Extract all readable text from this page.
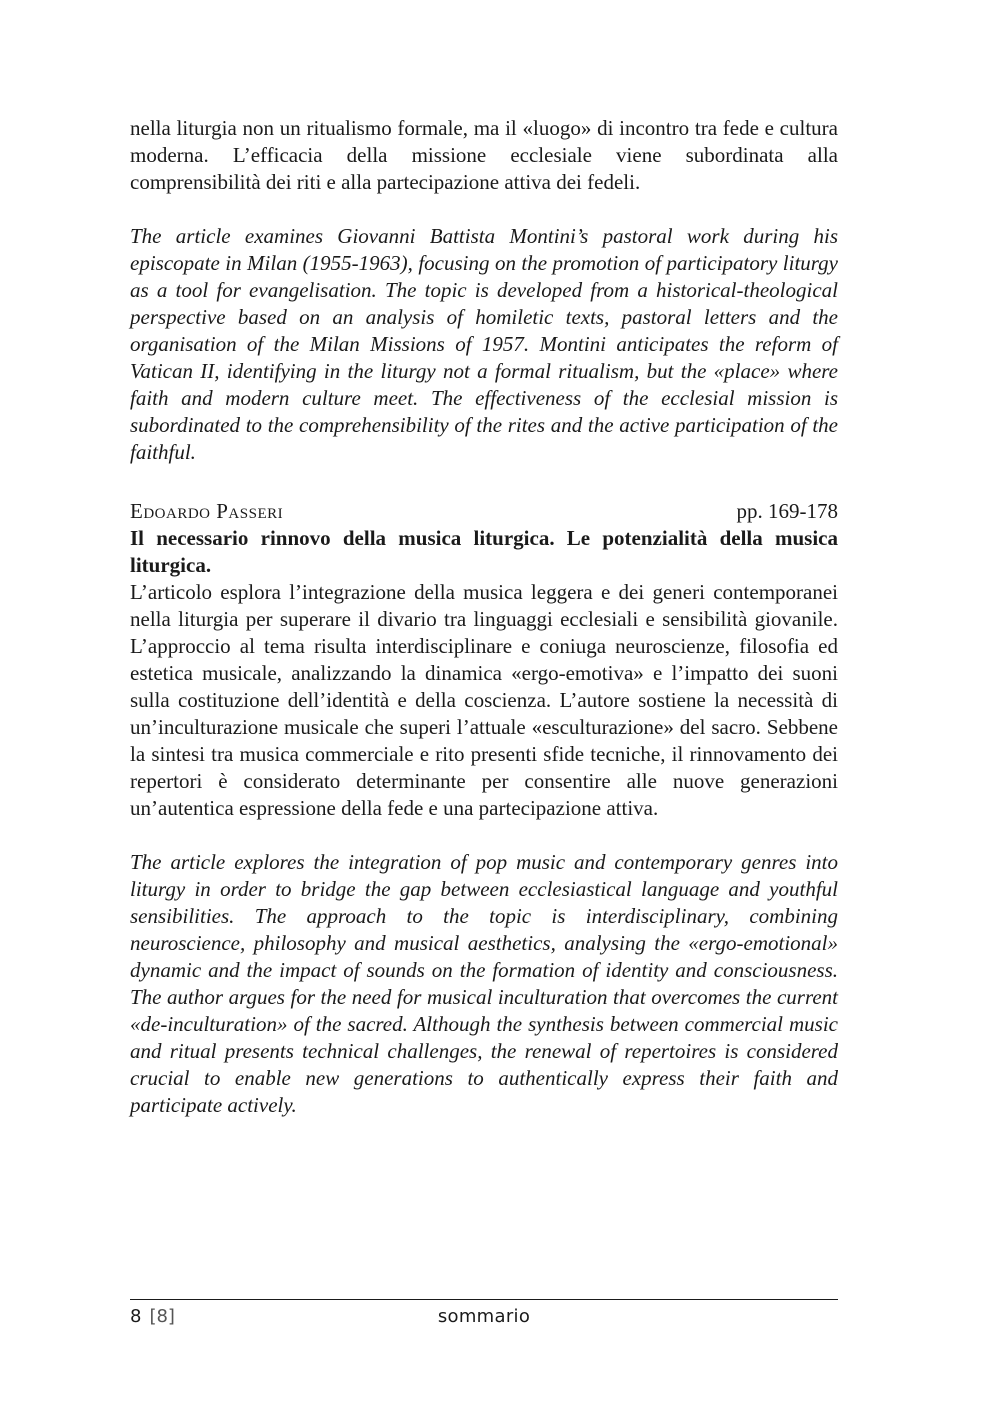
nella liturgia non un ritualismo formale, ma il «luogo» di incontro tra fede e cultura moderna. L’efficacia della missione ecclesiale viene subordinata alla comprensibilità dei riti e alla partecipazione attiva dei fedeli.

The article examines Giovanni Battista Montini’s pastoral work during his episcopate in Milan (1955-1963), focusing on the promotion of participatory liturgy as a tool for evangelisation. The topic is developed from a historical-theological perspective based on an analysis of homiletic texts, pastoral letters and the organisation of the Milan Missions of 1957. Montini anticipates the reform of Vatican II, identifying in the liturgy not a formal ritualism, but the «place» where faith and modern culture meet. The effectiveness of the ecclesial mission is subordinated to the comprehensibility of the rites and the active participation of the faithful.

Edoardo Passeri	pp. 169-178

Il necessario rinnovo della musica liturgica. Le potenzialità della musica liturgica.

L’articolo esplora l’integrazione della musica leggera e dei generi contemporanei nella liturgia per superare il divario tra linguaggi ecclesiali e sensibilità giovanile. L’approccio al tema risulta interdisciplinare e coniuga neuroscienze, filosofia ed estetica musicale, analizzando la dinamica «ergo-emotiva» e l’impatto dei suoni sulla costituzione dell’identità e della coscienza. L’autore sostiene la necessità di un’inculturazione musicale che superi l’attuale «esculturazione» del sacro. Sebbene la sintesi tra musica commerciale e rito presenti sfide tecniche, il rinnovamento dei repertori è considerato determinante per consentire alle nuove generazioni un’autentica espressione della fede e una partecipazione attiva.

The article explores the integration of pop music and contemporary genres into liturgy in order to bridge the gap between ecclesiastical language and youthful sensibilities. The approach to the topic is interdisciplinary, combining neuroscience, philosophy and musical aesthetics, analysing the «ergo-emotional» dynamic and the impact of sounds on the formation of identity and consciousness. The author argues for the need for musical inculturation that overcomes the current «de-inculturation» of the sacred. Although the synthesis between commercial music and ritual presents technical challenges, the renewal of repertoires is considered crucial to enable new generations to authentically express their faith and participate actively.

8 [8]	sommario
